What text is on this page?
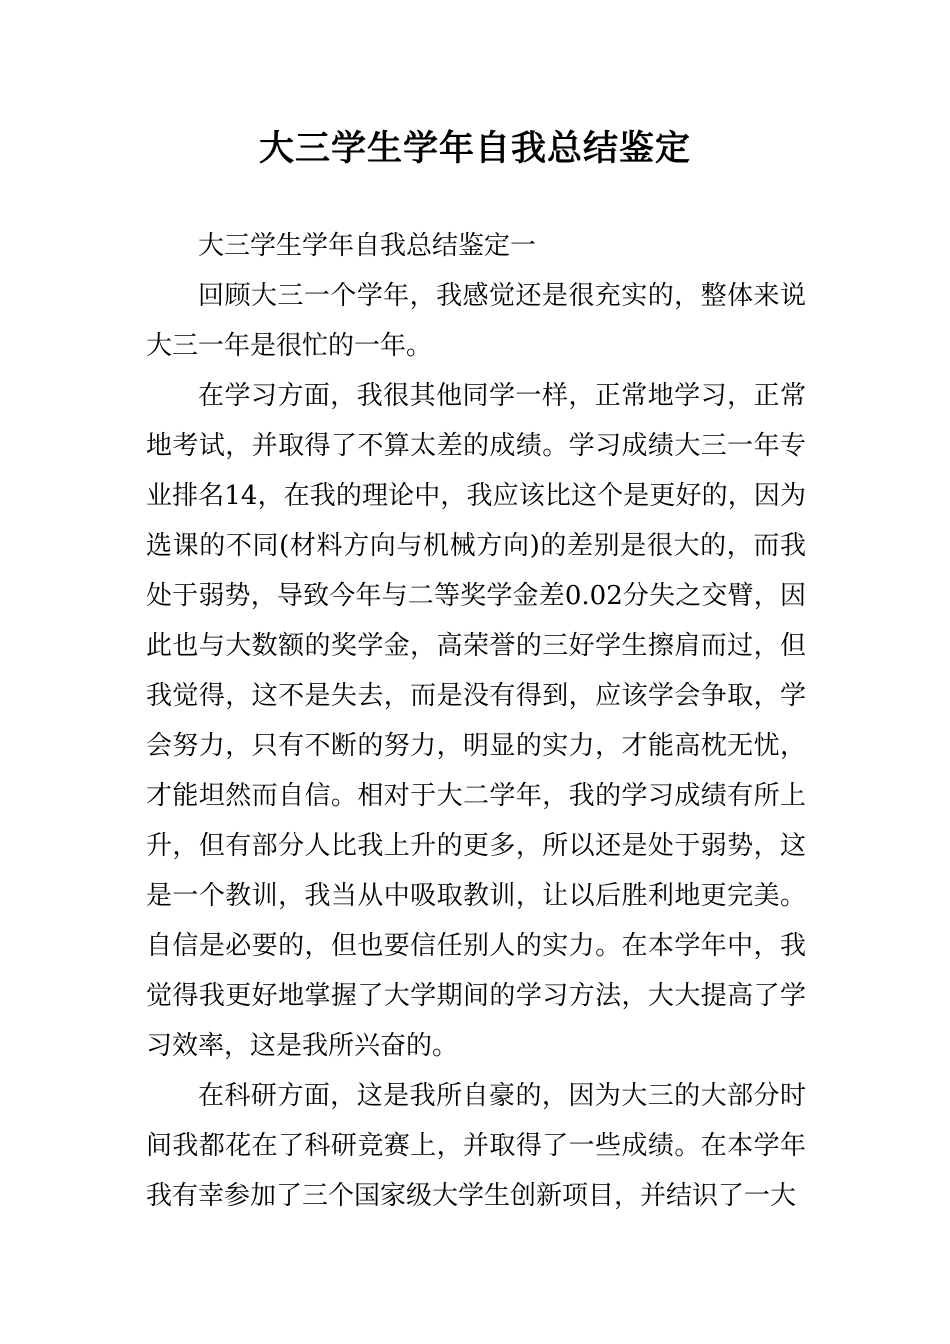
大三学生学年自我总结鉴定

大三学生学年自我总结鉴定一

回顾大三一个学年，我感觉还是很充实的，整体来说大三一年是很忙的一年。

在学习方面，我很其他同学一样，正常地学习，正常地考试，并取得了不算太差的成绩。学习成绩大三一年专业排名14，在我的理论中，我应该比这个是更好的，因为选课的不同(材料方向与机械方向)的差别是很大的，而我处于弱势，导致今年与二等奖学金差0.02分失之交臂，因此也与大数额的奖学金，高荣誉的三好学生擦肩而过，但我觉得，这不是失去，而是没有得到，应该学会争取，学会努力，只有不断的努力，明显的实力，才能高枕无忧，才能坦然而自信。相对于大二学年，我的学习成绩有所上升，但有部分人比我上升的更多，所以还是处于弱势，这是一个教训，我当从中吸取教训，让以后胜利地更完美。自信是必要的，但也要信任别人的实力。在本学年中，我觉得我更好地掌握了大学期间的学习方法，大大提高了学习效率，这是我所兴奋的。

在科研方面，这是我所自豪的，因为大三的大部分时间我都花在了科研竞赛上，并取得了一些成绩。在本学年我有幸参加了三个国家级大学生创新项目，并结识了一大
